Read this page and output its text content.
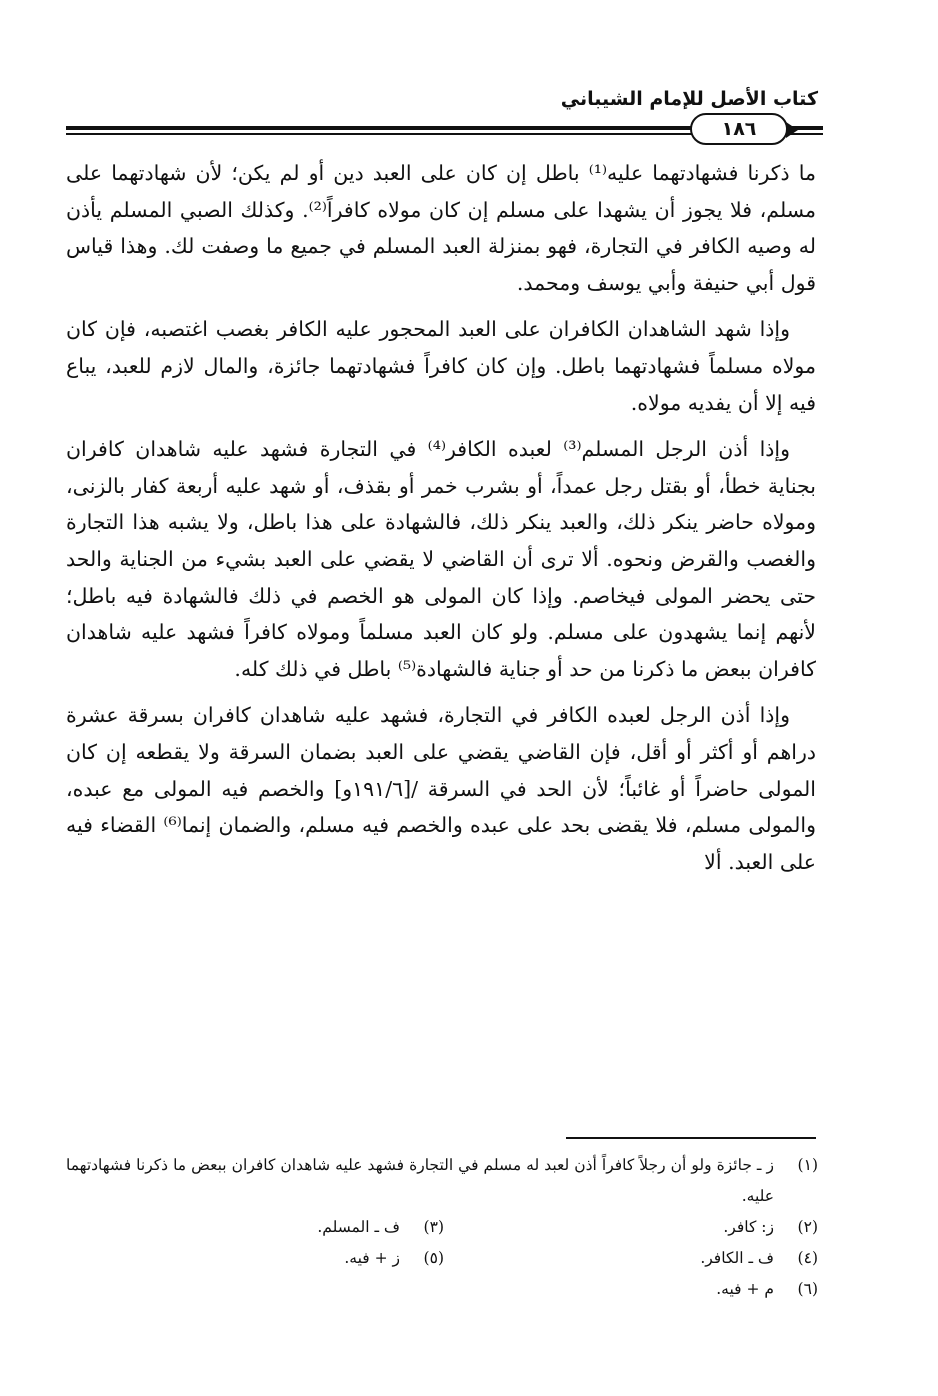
كتاب الأصل للإمام الشيباني
١٨٦

ما ذكرنا فشهادتهما عليه⁽¹⁾ باطل إن كان على العبد دين أو لم يكن؛ لأن شهادتهما على مسلم، فلا يجوز أن يشهدا على مسلم إن كان مولاه كافراً⁽²⁾. وكذلك الصبي المسلم يأذن له وصيه الكافر في التجارة، فهو بمنزلة العبد المسلم في جميع ما وصفت لك. وهذا قياس قول أبي حنيفة وأبي يوسف ومحمد.

وإذا شهد الشاهدان الكافران على العبد المحجور عليه الكافر بغصب اغتصبه، فإن كان مولاه مسلماً فشهادتهما باطل. وإن كان كافراً فشهادتهما جائزة، والمال لازم للعبد، يباع فيه إلا أن يفديه مولاه.

وإذا أذن الرجل المسلم⁽³⁾ لعبده الكافر⁽⁴⁾ في التجارة فشهد عليه شاهدان كافران بجناية خطأ، أو بقتل رجل عمداً، أو بشرب خمر أو بقذف، أو شهد عليه أربعة كفار بالزنى، ومولاه حاضر ينكر ذلك، والعبد ينكر ذلك، فالشهادة على هذا باطل، ولا يشبه هذا التجارة والغصب والقرض ونحوه. ألا ترى أن القاضي لا يقضي على العبد بشيء من الجناية والحد حتى يحضر المولى فيخاصم. وإذا كان المولى هو الخصم في ذلك فالشهادة فيه باطل؛ لأنهم إنما يشهدون على مسلم. ولو كان العبد مسلماً ومولاه كافراً فشهد عليه شاهدان كافران ببعض ما ذكرنا من حد أو جناية فالشهادة⁽⁵⁾ باطل في ذلك كله.

وإذا أذن الرجل لعبده الكافر في التجارة، فشهد عليه شاهدان كافران بسرقة عشرة دراهم أو أكثر أو أقل، فإن القاضي يقضي على العبد بضمان السرقة ولا يقطعه إن كان المولى حاضراً أو غائباً؛ لأن الحد في السرقة /[١٩١/٦و] والخصم فيه المولى مع عبده، والمولى مسلم، فلا يقضى بحد على عبده والخصم فيه مسلم، والضمان إنما⁽⁶⁾ القضاء فيه على العبد. ألا

(١)
ز ـ جائزة ولو أن رجلاً كافراً أذن لعبد له مسلم في التجارة فشهد عليه شاهدان كافران ببعض ما ذكرنا فشهادتهما عليه.
(٢)
ز: كافر.
(٣)
ف ـ المسلم.
(٤)
ف ـ الكافر.
(٥)
ز + فيه.
(٦)
م + فيه.
